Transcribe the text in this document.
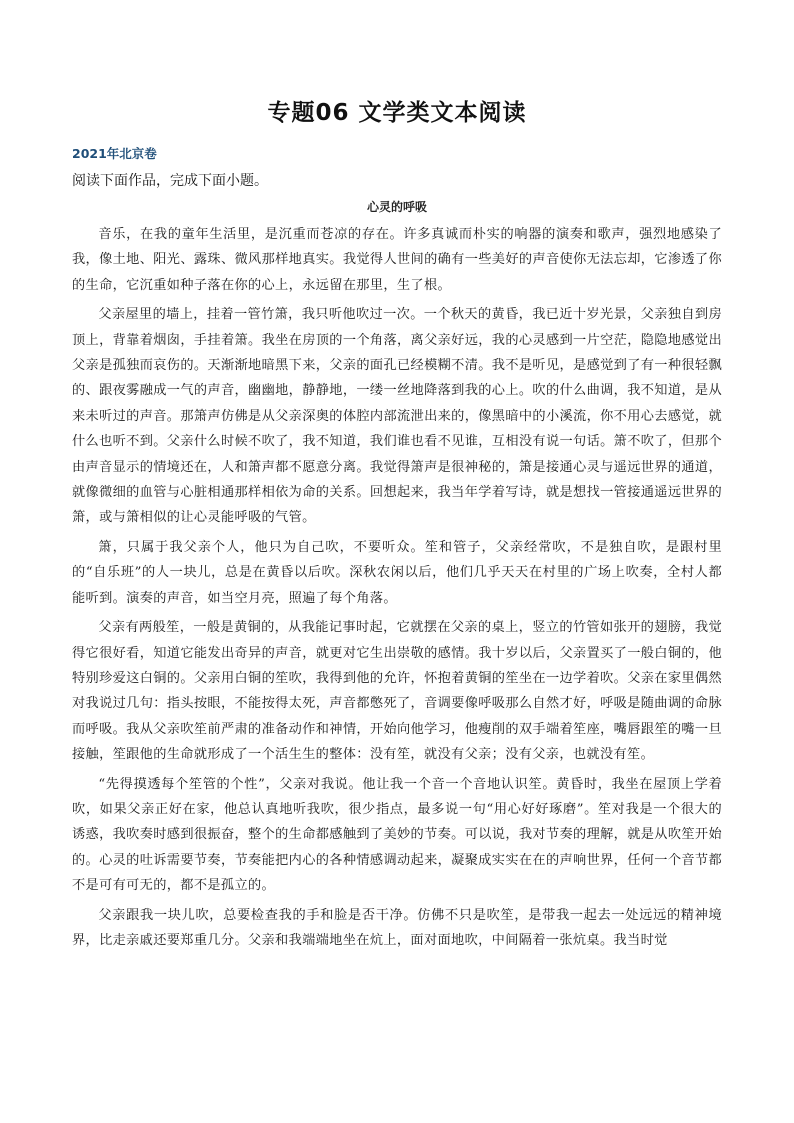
专题06 文学类文本阅读
2021年北京卷
阅读下面作品，完成下面小题。
心灵的呼吸

音乐，在我的童年生活里，是沉重而苍凉的存在。许多真诚而朴实的响器的演奏和歌声，强烈地感染了我，像土地、阳光、露珠、微风那样地真实。我觉得人世间的确有一些美好的声音使你无法忘却，它渗透了你的生命，它沉重如种子落在你的心上，永远留在那里，生了根。

父亲屋里的墙上，挂着一管竹箫，我只听他吹过一次。一个秋天的黄昏，我已近十岁光景，父亲独自到房顶上，背靠着烟囱，手挂着箫。我坐在房顶的一个角落，离父亲好远，我的心灵感到一片空茫，隐隐地感觉出父亲是孤独而哀伤的。天渐渐地暗黑下来，父亲的面孔已经模糊不清。我不是听见，是感觉到了有一种很轻飘的、跟夜雾融成一气的声音，幽幽地，静静地，一缕一丝地降落到我的心上。吹的什么曲调，我不知道，是从来未听过的声音。那箫声仿佛是从父亲深奥的体腔内部流泄出来的，像黑暗中的小溪流，你不用心去感觉，就什么也听不到。父亲什么时候不吹了，我不知道，我们谁也看不见谁，互相没有说一句话。箫不吹了，但那个由声音显示的情境还在，人和箫声都不愿意分离。我觉得箫声是很神秘的，箫是接通心灵与遥远世界的通道，就像微细的血管与心脏相通那样相依为命的关系。回想起来，我当年学着写诗，就是想找一管接通遥远世界的箫，或与箫相似的让心灵能呼吸的气管。

箫，只属于我父亲个人，他只为自己吹，不要听众。笙和管子，父亲经常吹，不是独自吹，是跟村里的“自乐班”的人一块儿，总是在黄昏以后吹。深秋农闲以后，他们几乎天天在村里的广场上吹奏，全村人都能听到。演奏的声音，如当空月亮，照遍了每个角落。

父亲有两般笙，一般是黄铜的，从我能记事时起，它就摆在父亲的桌上，竖立的竹管如张开的翅膀，我觉得它很好看，知道它能发出奇异的声音，就更对它生出崇敬的感情。我十岁以后，父亲置买了一般白铜的，他特别珍爱这白铜的。父亲用白铜的笙吹，我得到他的允许，怀抱着黄铜的笙坐在一边学着吹。父亲在家里偶然对我说过几句：指头按眼，不能按得太死，声音都憋死了，音调要像呼吸那么自然才好，呼吸是随曲调的命脉而呼吸。我从父亲吹笙前严肃的准备动作和神情，开始向他学习，他瘦削的双手端着笙座，嘴唇跟笙的嘴一旦接触，笙跟他的生命就形成了一个活生生的整体：没有笙，就没有父亲；没有父亲，也就没有笙。

“先得摸透每个笙管的个性”，父亲对我说。他让我一个音一个音地认识笙。黄昏时，我坐在屋顶上学着吹，如果父亲正好在家，他总认真地听我吹，很少指点，最多说一句“用心好好琢磨”。笙对我是一个很大的诱惑，我吹奏时感到很振奋，整个的生命都感触到了美妙的节奏。可以说，我对节奏的理解，就是从吹笙开始的。心灵的吐诉需要节奏，节奏能把内心的各种情感调动起来，凝聚成实实在在的声响世界，任何一个音节都不是可有可无的，都不是孤立的。

父亲跟我一块儿吹，总要检查我的手和脸是否干净。仿佛不只是吹笙，是带我一起去一处远远的精神境界，比走亲戚还要郑重几分。父亲和我端端地坐在炕上，面对面地吹，中间隔着一张炕桌。我当时觉
